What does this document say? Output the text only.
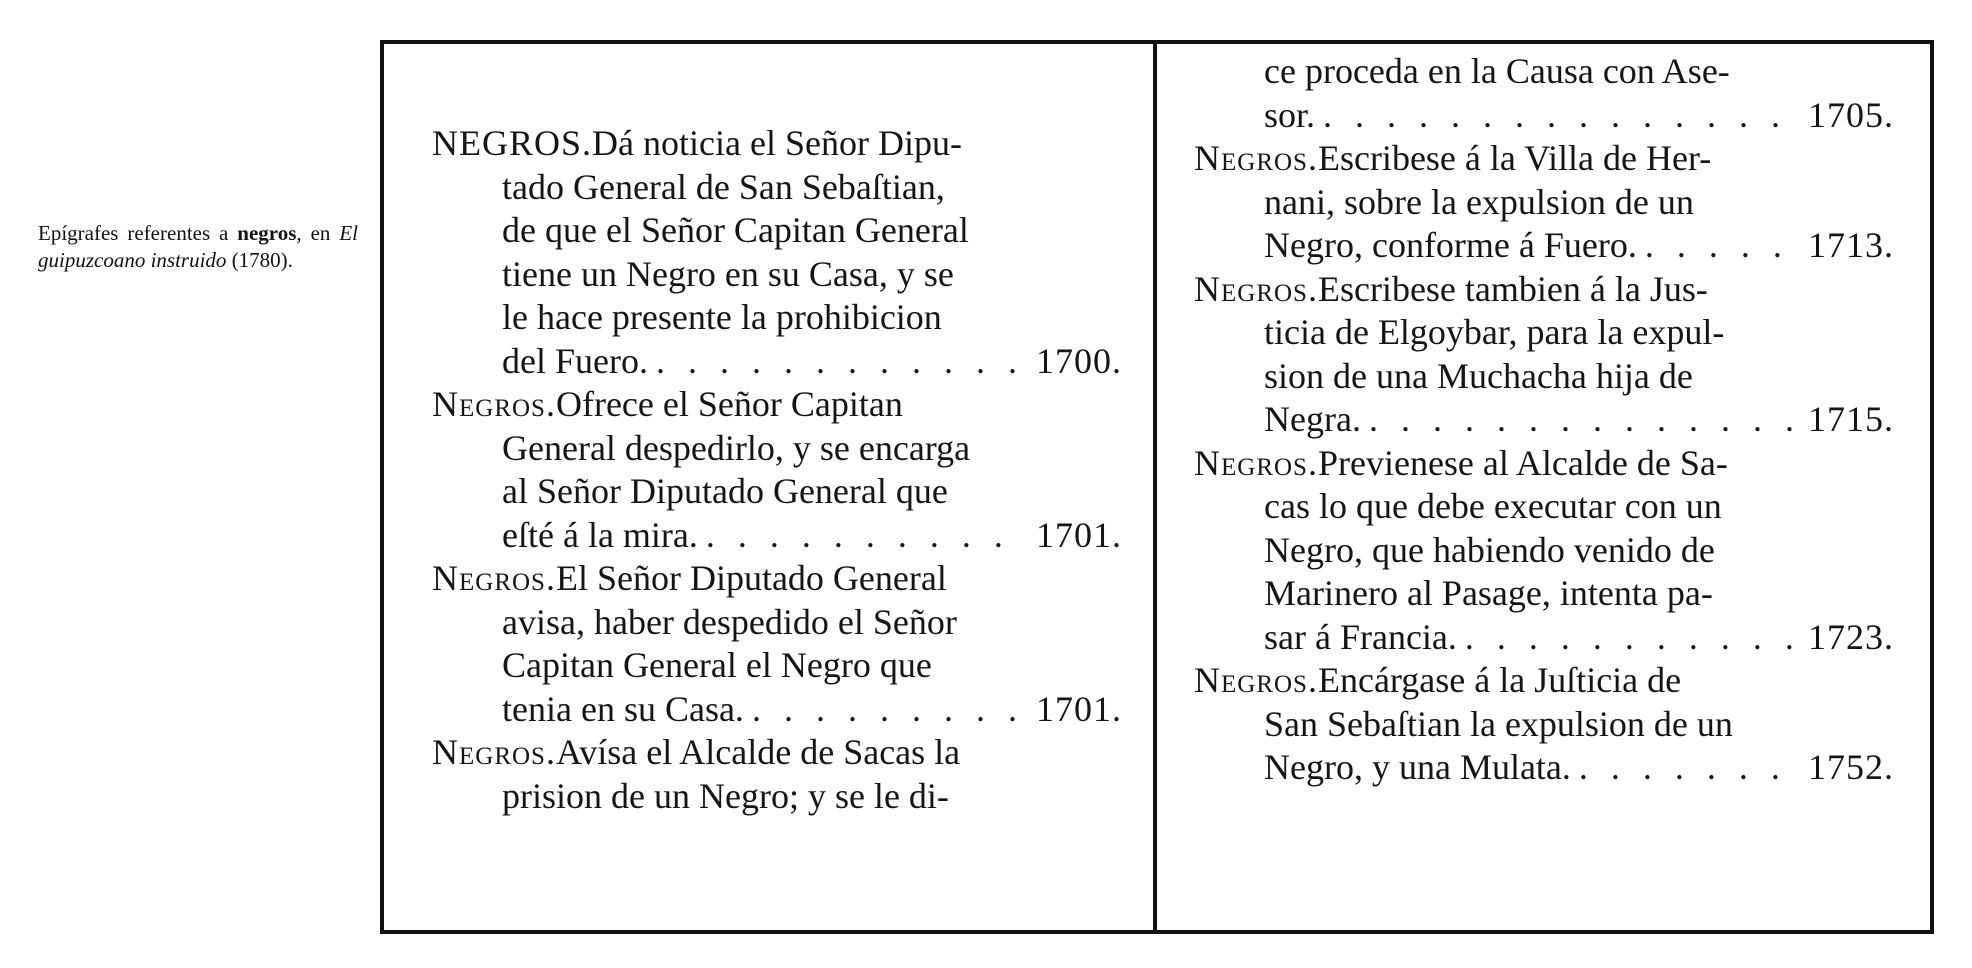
Epígrafes referentes a negros, en El guipuzcoano instruido (1780).
NEGROS. Dá noticia el Señor Dipu-
tado General de San Sebaſtian,
de que el Señor Capitan General
tiene un Negro en su Casa, y se
le hace presente la prohibicion
del Fuero. . . .	1700.
Negros. Ofrece el Señor Capitan
General despedirlo, y se encarga
al Señor Diputado General que
eſté á la mira. . . .	1701.
Negros. El Señor Diputado General
avisa, haber despedido el Señor
Capitan General el Negro que
tenia en su Casa. . . .	1701.
Negros. Avísa el Alcalde de Sacas la
prision de un Negro; y se le di-
ce proceda en la Causa con Ase-
sor. . . .	1705.
Negros. Escribese á la Villa de Her-
nani, sobre la expulsion de un
Negro, conforme á Fuero. . . .	1713.
Negros. Escribese tambien á la Jus-
ticia de Elgoybar, para la expul-
sion de una Muchacha hija de
Negra. . . .	1715.
Negros. Previenese al Alcalde de Sa-
cas lo que debe executar con un
Negro, que habiendo venido de
Marinero al Pasage, intenta pa-
sar á Francia. . . .	1723.
Negros. Encárgase á la Juſticia de
San Sebaſtian la expulsion de un
Negro, y una Mulata. . . .	1752.
